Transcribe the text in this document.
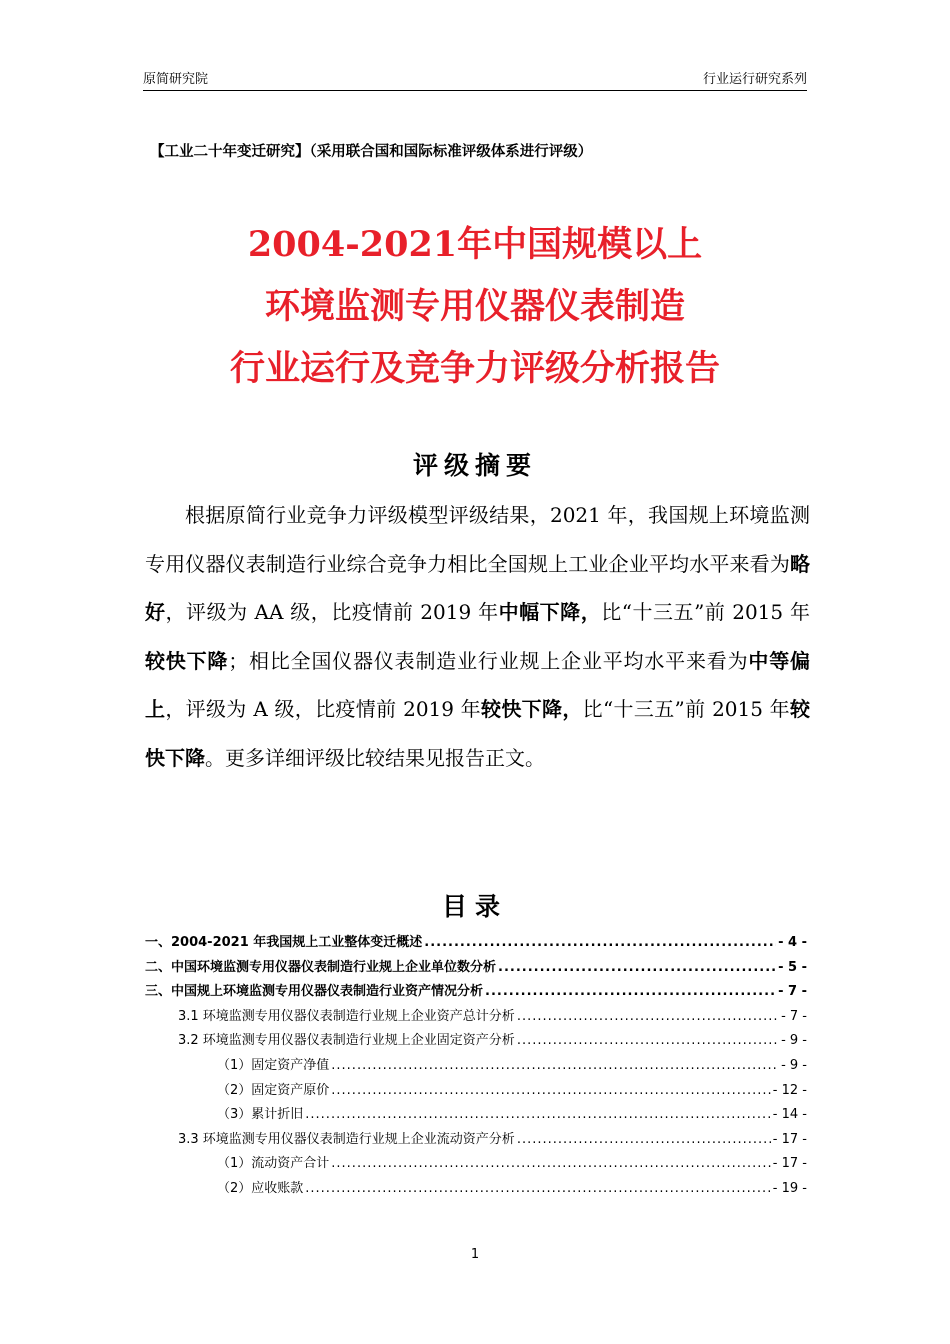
原简研究院	行业运行研究系列
【工业二十年变迁研究】（采用联合国和国际标准评级体系进行评级）
2004-2021年中国规模以上
环境监测专用仪器仪表制造
行业运行及竞争力评级分析报告
评级摘要
根据原简行业竞争力评级模型评级结果，2021 年，我国规上环境监测专用仪器仪表制造行业综合竞争力相比全国规上工业企业平均水平来看为略好，评级为 AA 级，比疫情前 2019 年中幅下降，比“十三五”前 2015 年较快下降；相比全国仪器仪表制造业行业规上企业平均水平来看为中等偏上，评级为 A 级，比疫情前 2019 年较快下降，比“十三五”前 2015 年较快下降。更多详细评级比较结果见报告正文。
目录
一、2004-2021 年我国规上工业整体变迁概述 .....	- 4 -
二、中国环境监测专用仪器仪表制造行业规上企业单位数分析 .....	- 5 -
三、中国规上环境监测专用仪器仪表制造行业资产情况分析 .....	- 7 -
3.1 环境监测专用仪器仪表制造行业规上企业资产总计分析 .....	- 7 -
3.2 环境监测专用仪器仪表制造行业规上企业固定资产分析 .....	- 9 -
（1）固定资产净值 .....	- 9 -
（2）固定资产原价 .....	- 12 -
（3）累计折旧 .....	- 14 -
3.3 环境监测专用仪器仪表制造行业规上企业流动资产分析 .....	- 17 -
（1）流动资产合计 .....	- 17 -
（2）应收账款 .....	- 19 -
1
